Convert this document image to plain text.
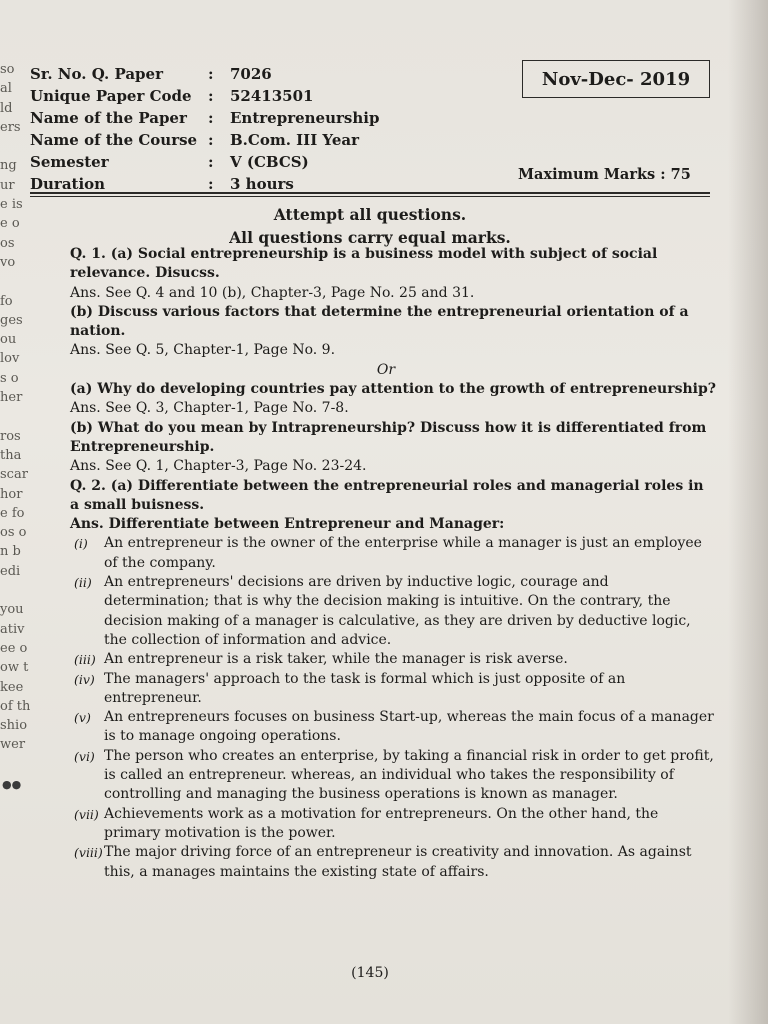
so
al
ld
ers

ng
ur
e is
e o
os
vo

fo
ges
ou
lov
s o
her

ros
tha
scar
hor
e fo
os o
n b
edi

you
ativ
ee o
ow t
kee
of th
shio
wer

Sr. No. Q. Paper	:	7026
Unique Paper Code	:	52413501
Name of the Paper	:	Entrepreneurship
Name of the Course :	B.Com. III Year
Semester	:	V (CBCS)
Duration	:	3 hours
Nov-Dec- 2019
Maximum Marks : 75
Attempt all questions.
All questions carry equal marks.

Q. 1. (a) Social entrepreneurship is a business model with subject of social relevance. Disucss.

Ans. See Q. 4 and 10 (b), Chapter-3, Page No. 25 and 31.

(b) Discuss various factors that determine the entrepreneurial orientation of a nation.

Ans. See Q. 5, Chapter-1, Page No. 9.

Or

(a) Why do developing countries pay attention to the growth of entrepreneurship?

Ans. See Q. 3, Chapter-1, Page No. 7-8.

(b) What do you mean by Intrapreneurship? Discuss how it is differentiated from Entrepreneurship.

Ans. See Q. 1, Chapter-3, Page No. 23-24.

Q. 2. (a) Differentiate between the entrepreneurial roles and managerial roles in a small buisness.

Ans. Differentiate between Entrepreneur and Manager:

(i)	An entrepreneur is the owner of the enterprise while a manager is just an employee of the company.
(ii) An entrepreneurs' decisions are driven by inductive logic, courage and determination; that is why the decision making is intuitive. On the contrary, the decision making of a manager is calculative, as they are driven by deductive logic, the collection of information and advice.
(iii) An entrepreneur is a risk taker, while the manager is risk averse.
(iv) The managers' approach to the task is formal which is just opposite of an entrepreneur.
(v) An entrepreneurs focuses on business Start-up, whereas the main focus of a manager is to manage ongoing operations.
(vi) The person who creates an enterprise, by taking a financial risk in order to get profit, is called an entrepreneur. whereas, an individual who takes the responsibility of controlling and managing the business operations is known as manager.
(vii) Achievements work as a motivation for entrepreneurs. On the other hand, the primary motivation is the power.
(viii) The major driving force of an entrepreneur is creativity and innovation. As against this, a manages maintains the existing state of affairs.
●●
(145)
